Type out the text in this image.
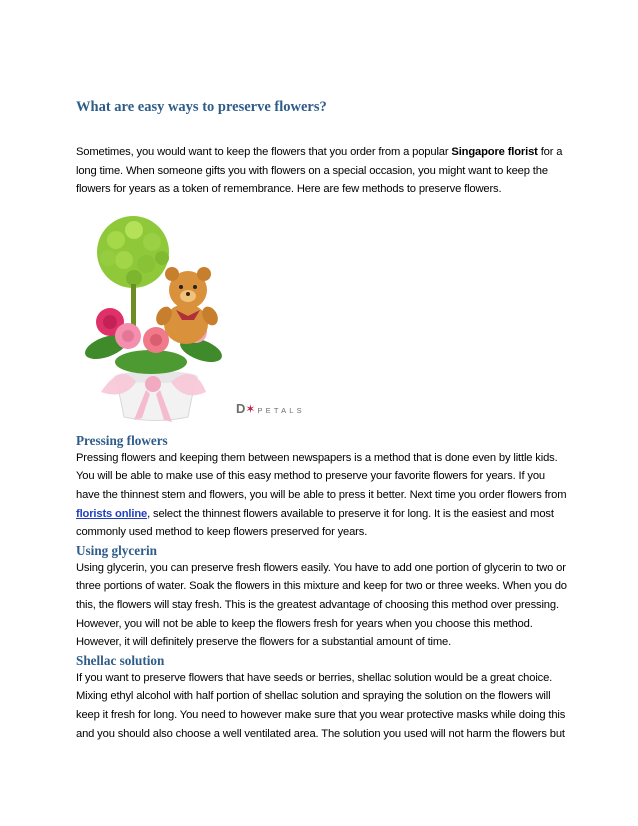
What are easy ways to preserve flowers?

Sometimes, you would want to keep the flowers that you order from a popular Singapore florist for a long time. When someone gifts you with flowers on a special occasion, you might want to keep the flowers for years as a token of remembrance. Here are few methods to preserve flowers.

D✶ PETALS
Pressing flowers

Pressing flowers and keeping them between newspapers is a method that is done even by little kids. You will be able to make use of this easy method to preserve your favorite flowers for years. If you have the thinnest stem and flowers, you will be able to press it better. Next time you order flowers from florists online, select the thinnest flowers available to preserve it for long. It is the easiest and most commonly used method to keep flowers preserved for years.

Using glycerin

Using glycerin, you can preserve fresh flowers easily. You have to add one portion of glycerin to two or three portions of water. Soak the flowers in this mixture and keep for two or three weeks. When you do this, the flowers will stay fresh. This is the greatest advantage of choosing this method over pressing. However, you will not be able to keep the flowers fresh for years when you choose this method. However, it will definitely preserve the flowers for a substantial amount of time.

Shellac solution

If you want to preserve flowers that have seeds or berries, shellac solution would be a great choice. Mixing ethyl alcohol with half portion of shellac solution and spraying the solution on the flowers will keep it fresh for long. You need to however make sure that you wear protective masks while doing this and you should also choose a well ventilated area. The solution you used will not harm the flowers but
